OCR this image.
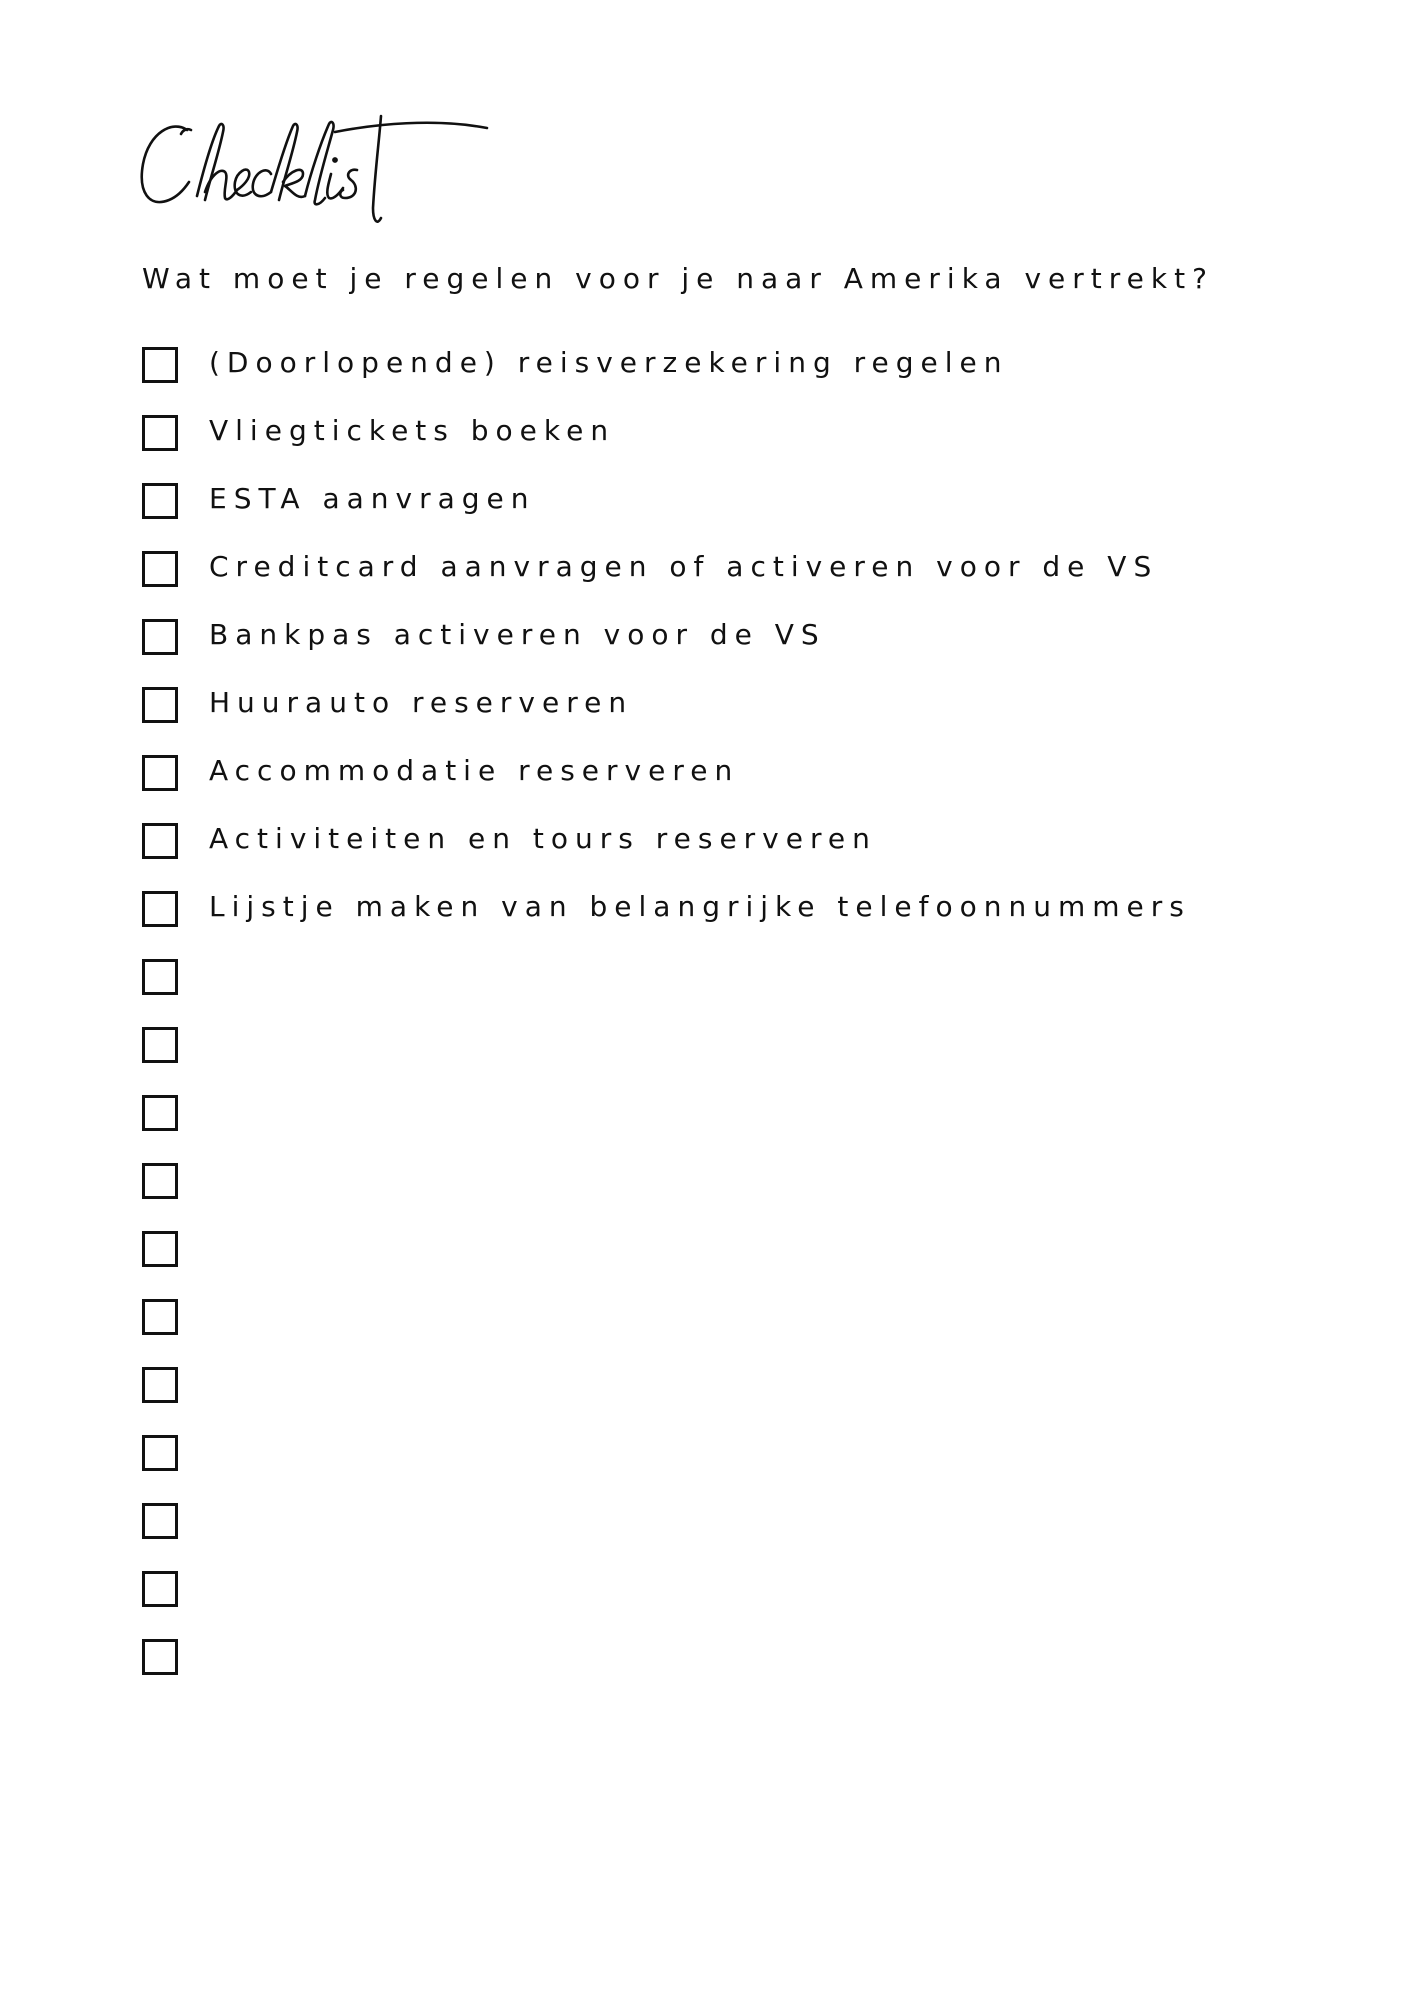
Wat moet je regelen voor je naar Amerika vertrekt?
(Doorlopende) reisverzekering regelen
Vliegtickets boeken
ESTA aanvragen
Creditcard aanvragen of activeren voor de VS
Bankpas activeren voor de VS
Huurauto reserveren
Accommodatie reserveren
Activiteiten en tours reserveren
Lijstje maken van belangrijke telefoonnummers
